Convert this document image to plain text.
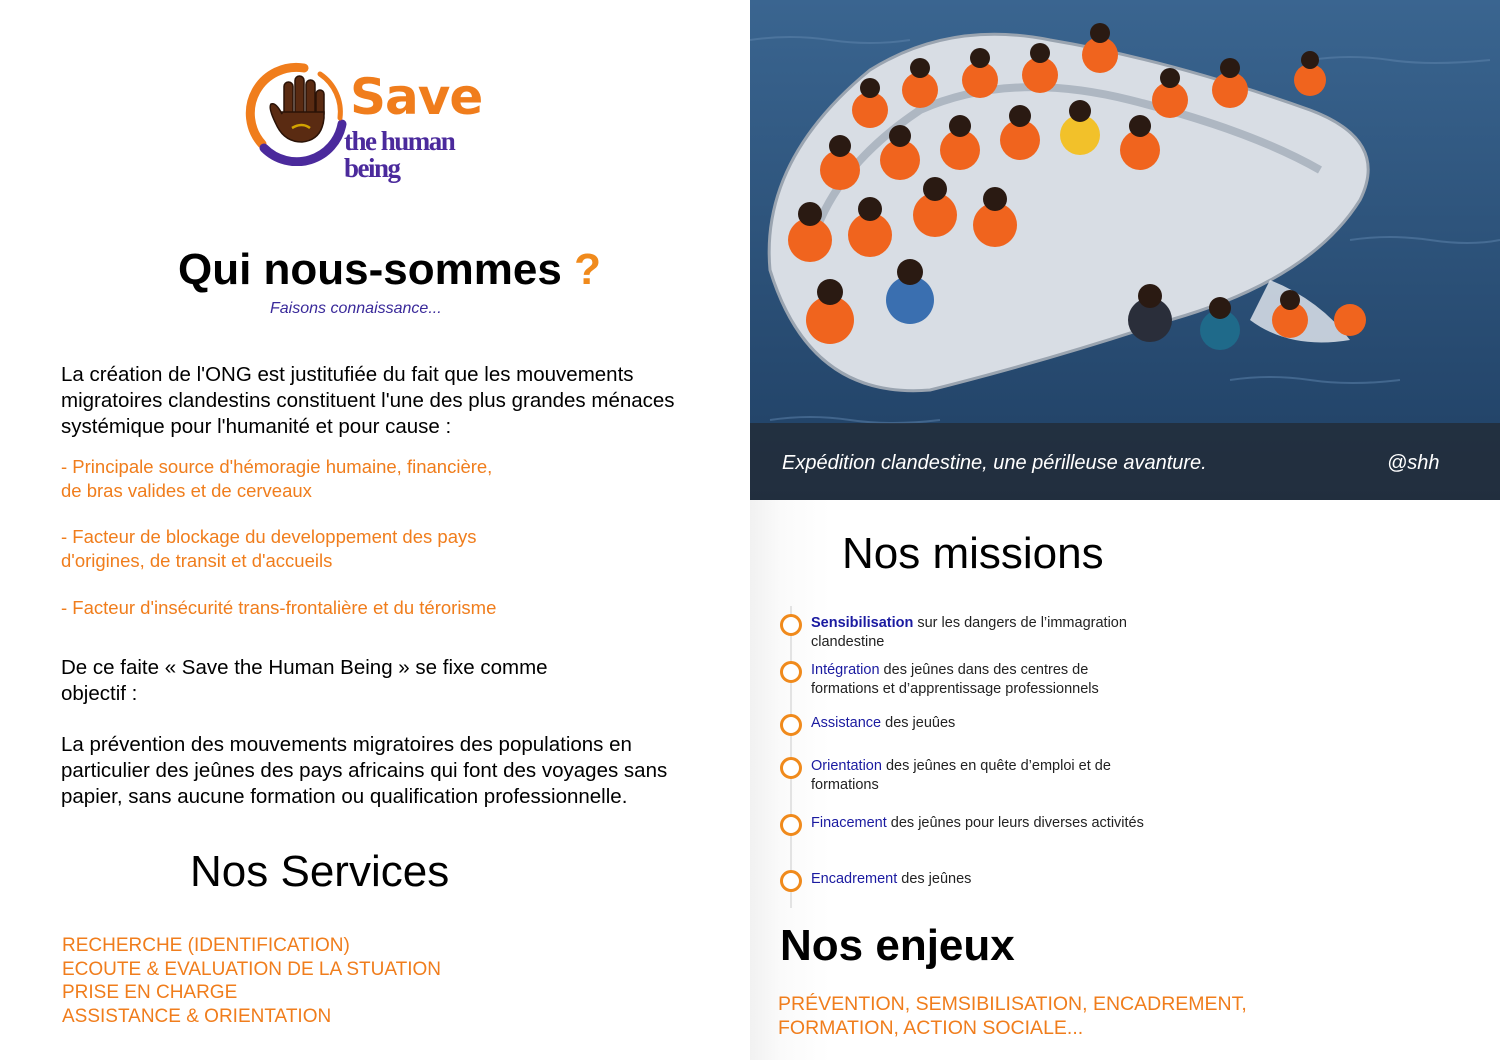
Save
the human being
Qui nous-sommes ?
Faisons connaissance...

La création de l'ONG est justitufiée du fait que les mouvements migratoires clandestins constituent l'une des plus grandes ménaces systémique pour l'humanité et pour cause :

- Principale source d'hémoragie humaine, financière,
de bras valides et de cerveaux
- Facteur de blockage du developpement des pays
d'origines, de transit et d'accueils
- Facteur d'insécurité trans-frontalière et du térorisme

De ce faite « Save the Human Being » se fixe comme objectif :

La prévention des mouvements migratoires des populations en particulier des jeûnes des pays africains qui font des voyages sans papier, sans aucune formation ou qualification professionnelle.

Nos Services
RECHERCHE (IDENTIFICATION)
ECOUTE & EVALUATION DE LA STUATION
PRISE EN CHARGE
ASSISTANCE & ORIENTATION
Expédition clandestine, une périlleuse avanture.	@shh
Nos missions
Sensibilisation sur les dangers de l’immagration clandestine
Intégration des jeûnes dans des centres de formations et d’apprentissage professionnels
Assistance des jeuûes
Orientation des jeûnes en quête d’emploi et de formations
Finacement des jeûnes pour leurs diverses activités
Encadrement des jeûnes
Nos enjeux
PRÉVENTION, SEMSIBILISATION, ENCADREMENT, FORMATION, ACTION SOCIALE...
